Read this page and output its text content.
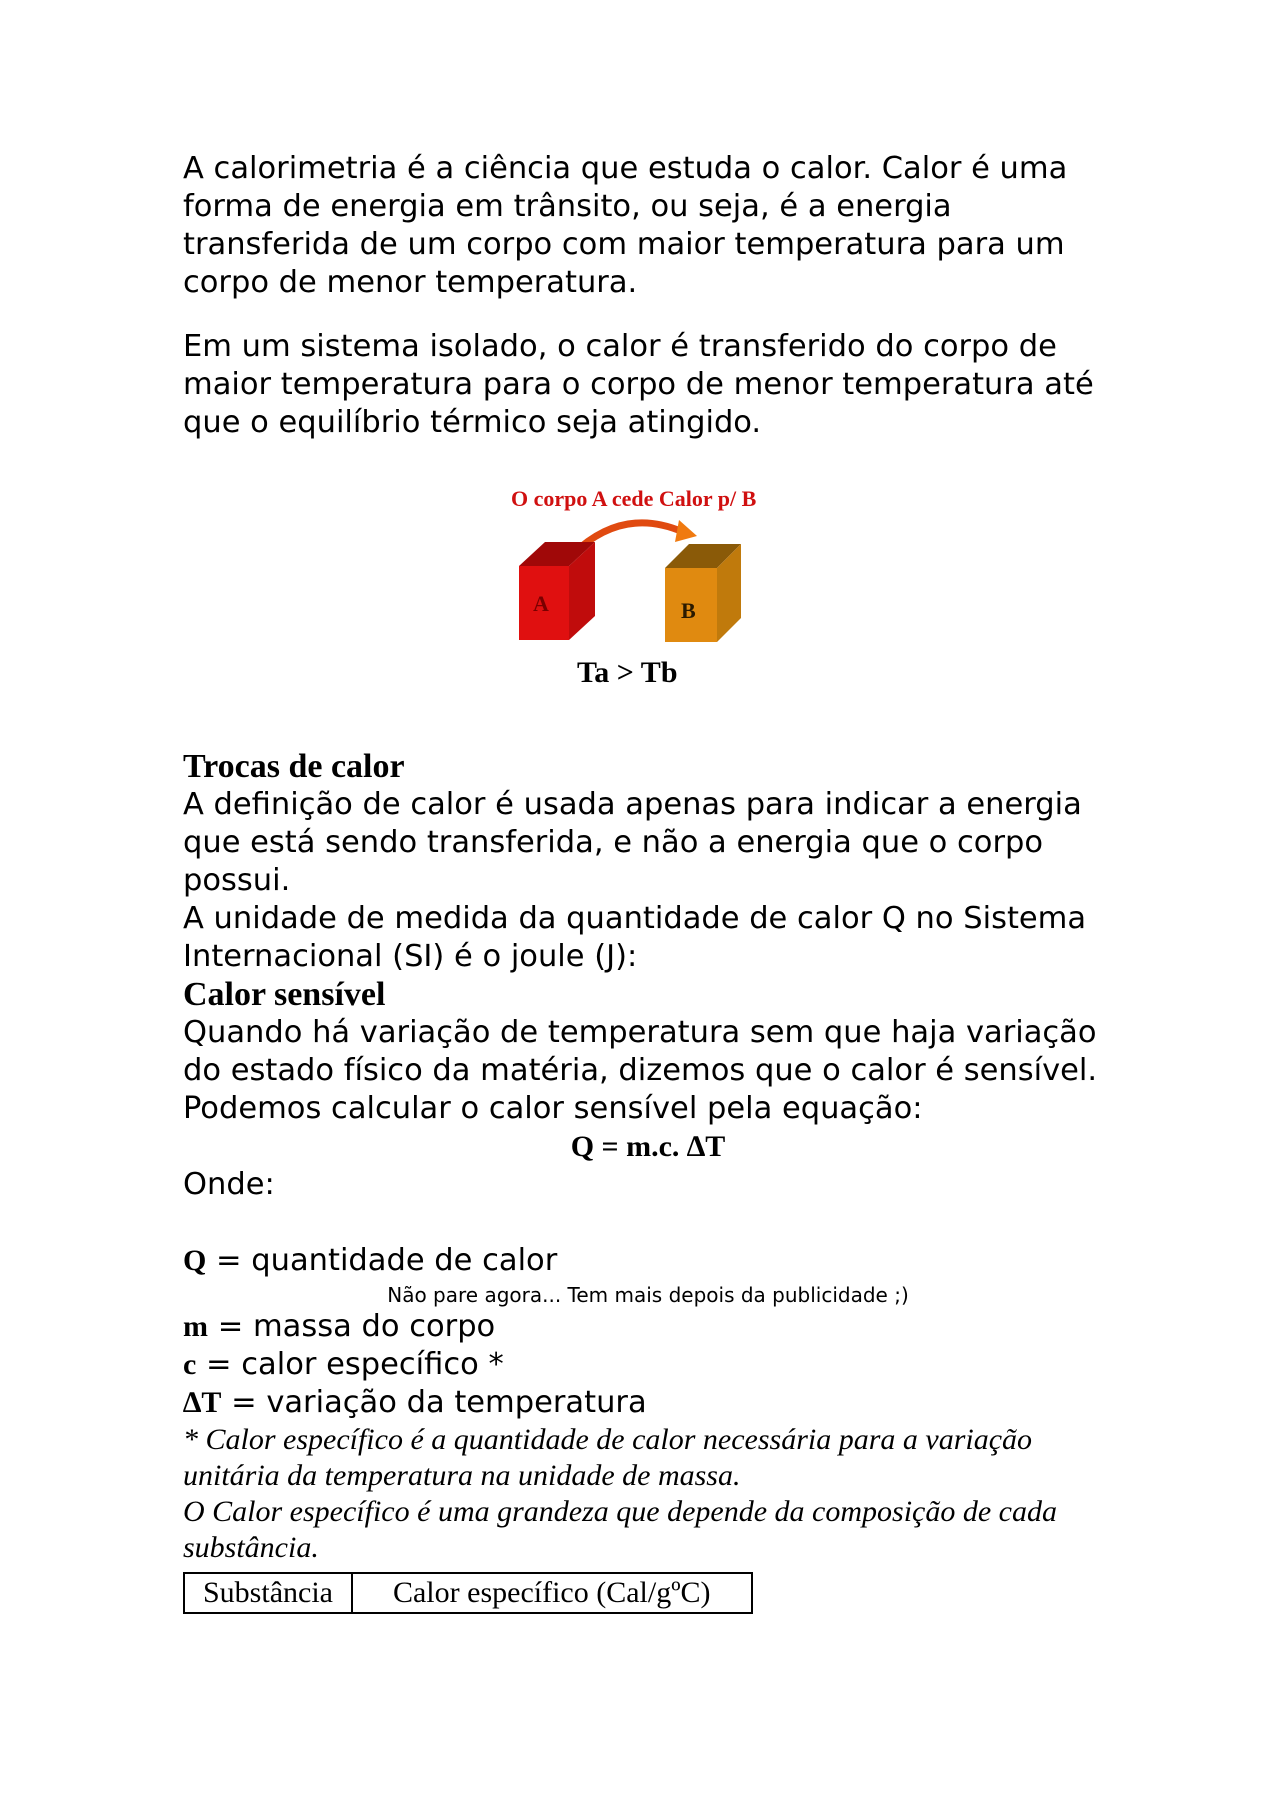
A calorimetria é a ciência que estuda o calor. Calor é uma forma de energia em trânsito, ou seja, é a energia transferida de um corpo com maior temperatura para um corpo de menor temperatura.

Em um sistema isolado, o calor é transferido do corpo de maior temperatura para o corpo de menor temperatura até que o equilíbrio térmico seja atingido.

O corpo A cede Calor p/ B
A	B
Ta > Tb
Trocas de calor

A definição de calor é usada apenas para indicar a energia que está sendo transferida, e não a energia que o corpo possui.

A unidade de medida da quantidade de calor Q no Sistema Internacional (SI) é o joule (J):

Calor sensível

Quando há variação de temperatura sem que haja variação do estado físico da matéria, dizemos que o calor é sensível.

Podemos calcular o calor sensível pela equação:

Q = m.c. ∆T

Onde:

Q = quantidade de calor

Não pare agora... Tem mais depois da publicidade ;)

m = massa do corpo

c = calor específico *

∆T = variação da temperatura

* Calor específico é a quantidade de calor necessária para a variação unitária da temperatura na unidade de massa.

O Calor específico é uma grandeza que depende da composição de cada substância.

Substância	Calor específico (Cal/gºC)
